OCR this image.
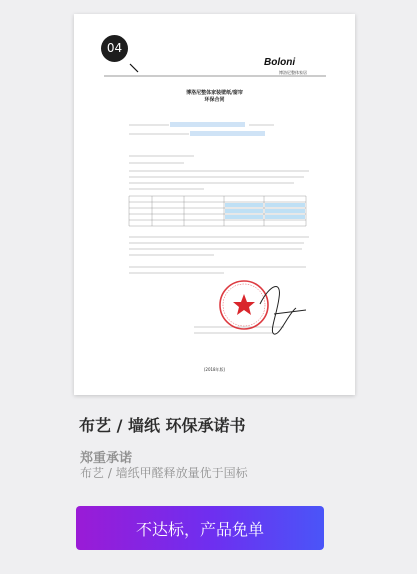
04
Boloni
博洛尼整体家居
博洛尼整体家装壁纸/窗帘
环保合同
(2018年版)
布艺 / 墙纸 环保承诺书
郑重承诺
布艺 / 墙纸甲醛释放量优于国标
不达标，产品免单
